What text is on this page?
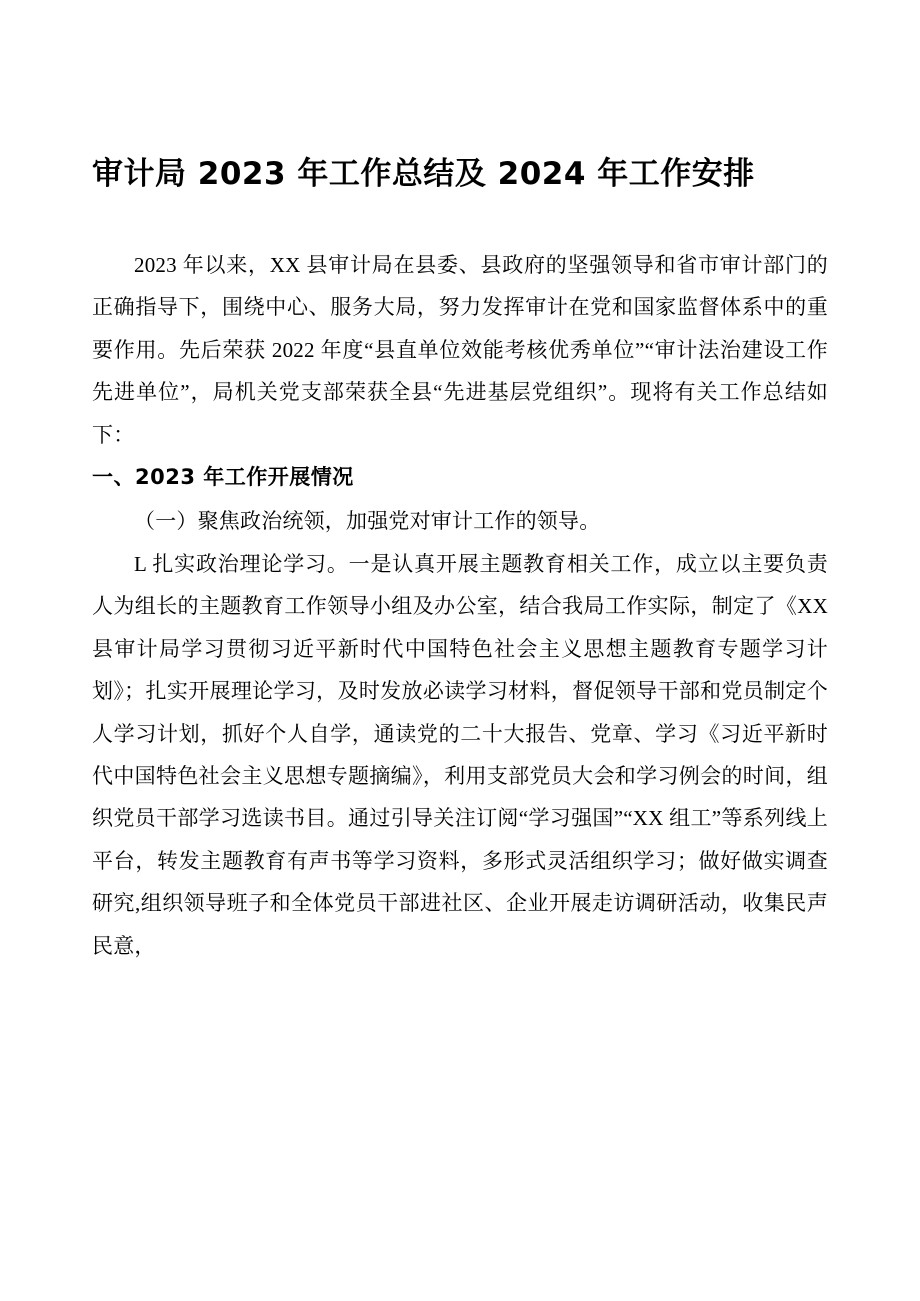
审计局 2023 年工作总结及 2024 年工作安排

2023 年以来，XX 县审计局在县委、县政府的坚强领导和省市审计部门的正确指导下，围绕中心、服务大局，努力发挥审计在党和国家监督体系中的重要作用。先后荣获 2022 年度“县直单位效能考核优秀单位”“审计法治建设工作先进单位”，局机关党支部荣获全县“先进基层党组织”。现将有关工作总结如下：

一、2023 年工作开展情况

（一）聚焦政治统领，加强党对审计工作的领导。

L 扎实政治理论学习。一是认真开展主题教育相关工作，成立以主要负责人为组长的主题教育工作领导小组及办公室，结合我局工作实际，制定了《XX 县审计局学习贯彻习近平新时代中国特色社会主义思想主题教育专题学习计划》；扎实开展理论学习，及时发放必读学习材料，督促领导干部和党员制定个人学习计划，抓好个人自学，通读党的二十大报告、党章、学习《习近平新时代中国特色社会主义思想专题摘编》，利用支部党员大会和学习例会的时间，组织党员干部学习选读书目。通过引导关注订阅“学习强国”“XX 组工”等系列线上平台，转发主题教育有声书等学习资料，多形式灵活组织学习；做好做实调查研究,组织领导班子和全体党员干部进社区、企业开展走访调研活动，收集民声民意，
